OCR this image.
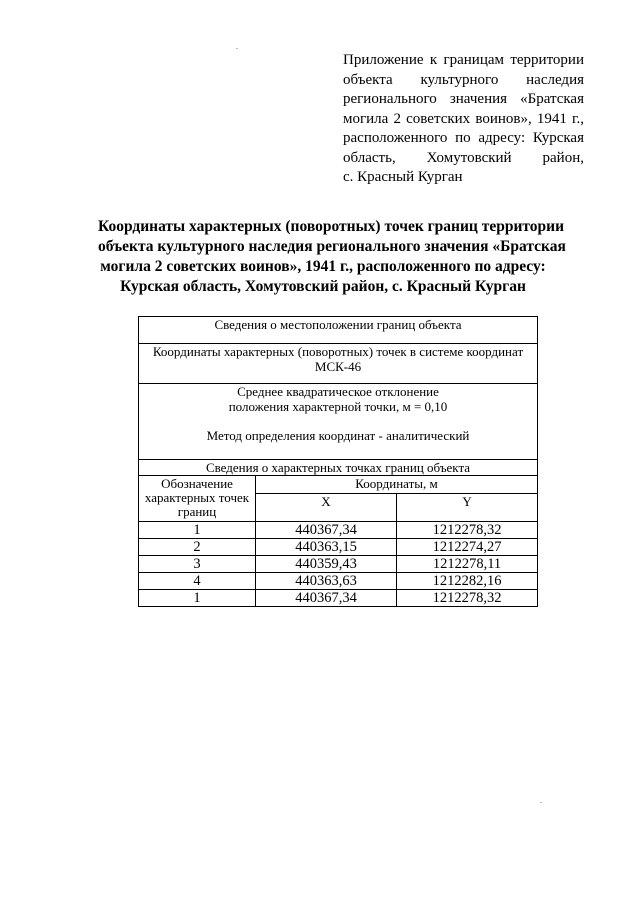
Приложение к границам территории
объекта культурного наследия
регионального значения «Братская
могила 2 советских воинов», 1941 г.,
расположенного по адресу: Курская
область, Хомутовский район,
с. Красный Курган
Координаты характерных (поворотных) точек границ территории
объекта культурного наследия регионального значения «Братская
могила 2 советских воинов», 1941 г., расположенного по адресу:
Курская область, Хомутовский район, с. Красный Курган
Сведения о местоположении границ объекта		
Координаты характерных (поворотных) точек в системе координат
МСК-46		
Среднее квадратическое отклонение
положения характерной точки, м = 0,10
Метод определения координат - аналитический		

Сведения о характерных точках границ объекта		
Обозначение
характерных точек
границ	Координаты, м	
	X	Y
1	440367,34	1212278,32
2	440363,15	1212274,27
3	440359,43	1212278,11
4	440363,63	1212282,16
1	440367,34	1212278,32
